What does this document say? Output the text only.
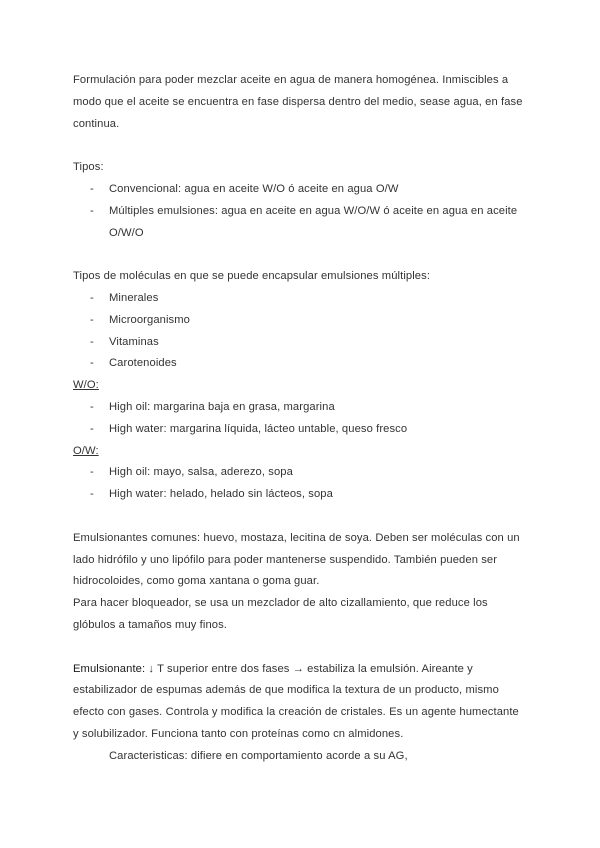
Formulación para poder mezclar aceite en agua de manera homogénea. Inmiscibles a
modo que el aceite se encuentra en fase dispersa dentro del medio, sease agua, en fase
continua.
Tipos:
- Convencional: agua en aceite W/O ó aceite en agua O/W
- Múltiples emulsiones: agua en aceite en agua W/O/W ó aceite en agua en aceite
O/W/O
Tipos de moléculas en que se puede encapsular emulsiones múltiples:
- Minerales
- Microorganismo
- Vitaminas
- Carotenoides
W/O:
- High oil: margarina baja en grasa, margarina
- High water: margarina líquida, lácteo untable, queso fresco
O/W:
- High oil: mayo, salsa, aderezo, sopa
- High water: helado, helado sin lácteos, sopa
Emulsionantes comunes: huevo, mostaza, lecitina de soya. Deben ser moléculas con un
lado hidrófilo y uno lipófilo para poder mantenerse suspendido. También pueden ser
hidrocoloides, como goma xantana o goma guar.
Para hacer bloqueador, se usa un mezclador de alto cizallamiento, que reduce los
glóbulos a tamaños muy finos.
Emulsionante: ↓ T superior entre dos fases → estabiliza la emulsión. Aireante y
estabilizador de espumas además de que modifica la textura de un producto, mismo
efecto con gases. Controla y modifica la creación de cristales. Es un agente humectante
y solubilizador. Funciona tanto con proteínas como cn almidones.
Caracteristicas: difiere en comportamiento acorde a su AG,
